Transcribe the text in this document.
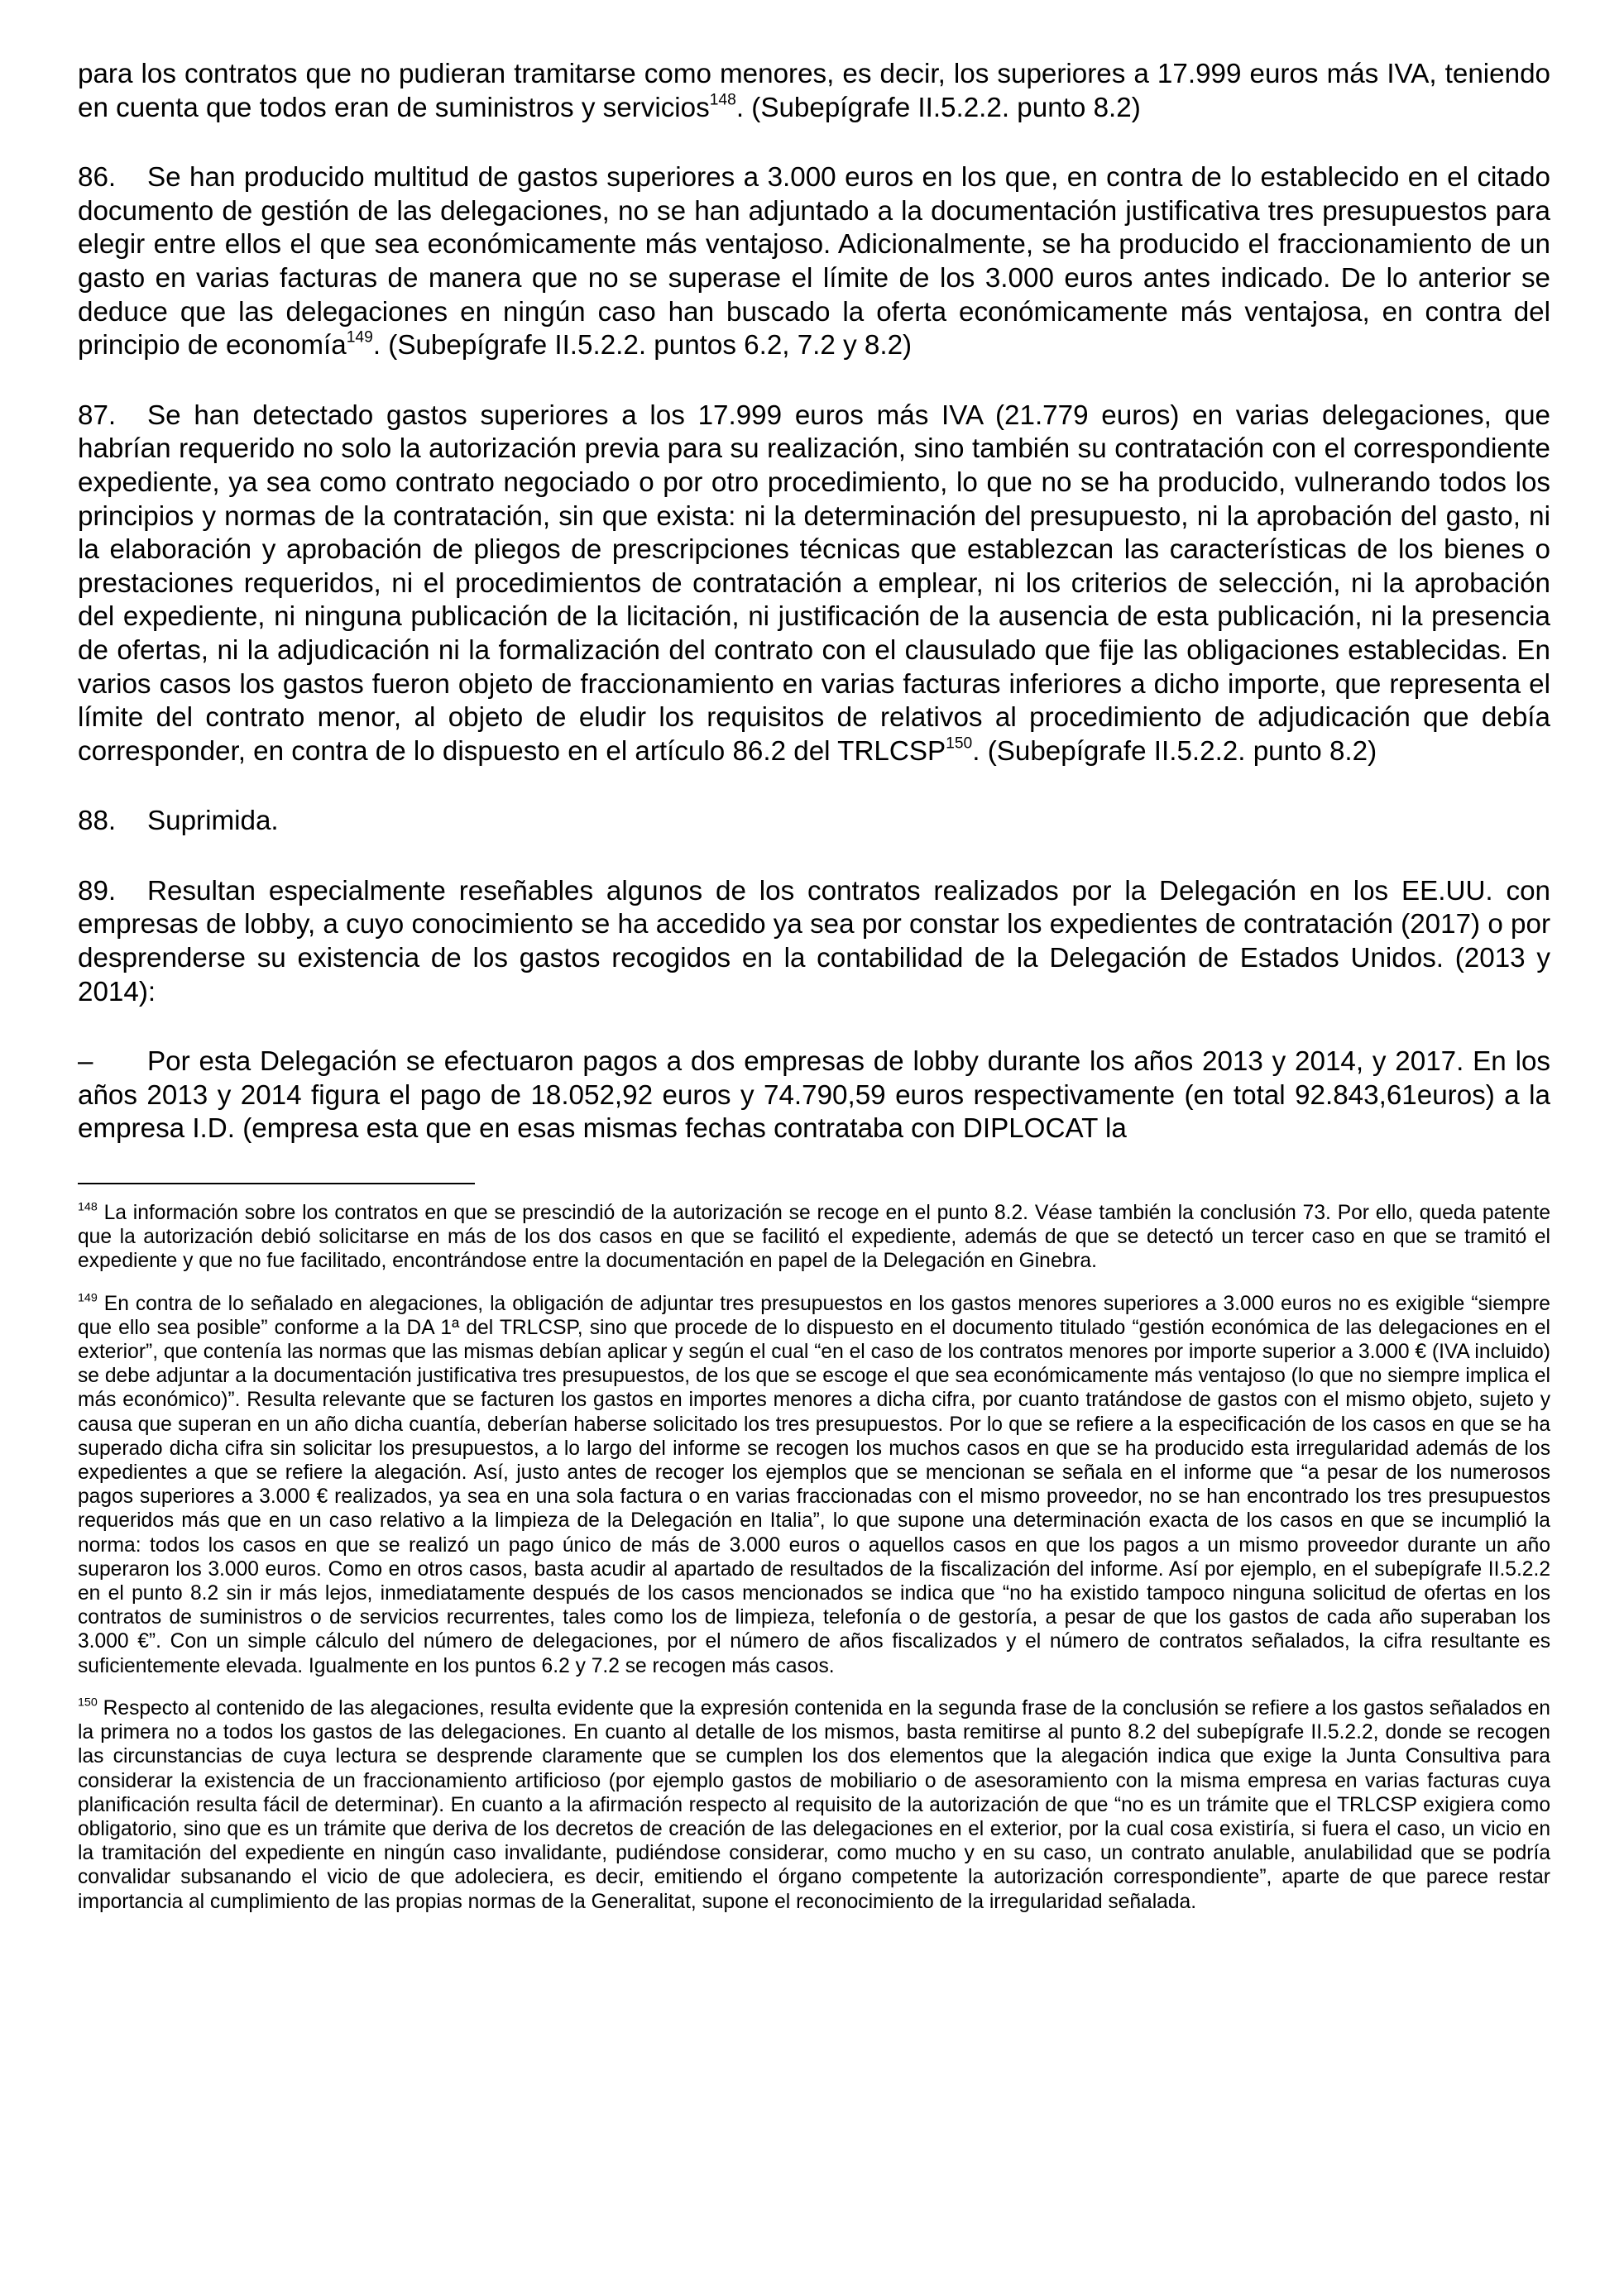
para los contratos que no pudieran tramitarse como menores, es decir, los superiores a 17.999 euros más IVA, teniendo en cuenta que todos eran de suministros y servicios$^{148}$. (Subepígrafe II.5.2.2. punto 8.2)

86. Se han producido multitud de gastos superiores a 3.000 euros en los que, en contra de lo establecido en el citado documento de gestión de las delegaciones, no se han adjuntado a la documentación justificativa tres presupuestos para elegir entre ellos el que sea económicamente más ventajoso. Adicionalmente, se ha producido el fraccionamiento de un gasto en varias facturas de manera que no se superase el límite de los 3.000 euros antes indicado. De lo anterior se deduce que las delegaciones en ningún caso han buscado la oferta económicamente más ventajosa, en contra del principio de economía$^{149}$. (Subepígrafe II.5.2.2. puntos 6.2, 7.2 y 8.2)

87. Se han detectado gastos superiores a los 17.999 euros más IVA (21.779 euros) en varias delegaciones, que habrían requerido no solo la autorización previa para su realización, sino también su contratación con el correspondiente expediente, ya sea como contrato negociado o por otro procedimiento, lo que no se ha producido, vulnerando todos los principios y normas de la contratación, sin que exista: ni la determinación del presupuesto, ni la aprobación del gasto, ni la elaboración y aprobación de pliegos de prescripciones técnicas que establezcan las características de los bienes o prestaciones requeridos, ni el procedimientos de contratación a emplear, ni los criterios de selección, ni la aprobación del expediente, ni ninguna publicación de la licitación, ni justificación de la ausencia de esta publicación, ni la presencia de ofertas, ni la adjudicación ni la formalización del contrato con el clausulado que fije las obligaciones establecidas. En varios casos los gastos fueron objeto de fraccionamiento en varias facturas inferiores a dicho importe, que representa el límite del contrato menor, al objeto de eludir los requisitos de relativos al procedimiento de adjudicación que debía corresponder, en contra de lo dispuesto en el artículo 86.2 del TRLCSP$^{150}$. (Subepígrafe II.5.2.2. punto 8.2)

88. Suprimida.

89. Resultan especialmente reseñables algunos de los contratos realizados por la Delegación en los EE.UU. con empresas de lobby, a cuyo conocimiento se ha accedido ya sea por constar los expedientes de contratación (2017) o por desprenderse su existencia de los gastos recogidos en la contabilidad de la Delegación de Estados Unidos. (2013 y 2014):

– Por esta Delegación se efectuaron pagos a dos empresas de lobby durante los años 2013 y 2014, y 2017. En los años 2013 y 2014 figura el pago de 18.052,92 euros y 74.790,59 euros respectivamente (en total 92.843,61euros) a la empresa I.D. (empresa esta que en esas mismas fechas contrataba con DIPLOCAT la

$^{148}$ La información sobre los contratos en que se prescindió de la autorización se recoge en el punto 8.2. Véase también la conclusión 73. Por ello, queda patente que la autorización debió solicitarse en más de los dos casos en que se facilitó el expediente, además de que se detectó un tercer caso en que se tramitó el expediente y que no fue facilitado, encontrándose entre la documentación en papel de la Delegación en Ginebra.

$^{149}$ En contra de lo señalado en alegaciones, la obligación de adjuntar tres presupuestos en los gastos menores superiores a 3.000 euros no es exigible “siempre que ello sea posible” conforme a la DA 1ª del TRLCSP, sino que procede de lo dispuesto en el documento titulado “gestión económica de las delegaciones en el exterior”, que contenía las normas que las mismas debían aplicar y según el cual “en el caso de los contratos menores por importe superior a 3.000 € (IVA incluido) se debe adjuntar a la documentación justificativa tres presupuestos, de los que se escoge el que sea económicamente más ventajoso (lo que no siempre implica el más económico)”. Resulta relevante que se facturen los gastos en importes menores a dicha cifra, por cuanto tratándose de gastos con el mismo objeto, sujeto y causa que superan en un año dicha cuantía, deberían haberse solicitado los tres presupuestos. Por lo que se refiere a la especificación de los casos en que se ha superado dicha cifra sin solicitar los presupuestos, a lo largo del informe se recogen los muchos casos en que se ha producido esta irregularidad además de los expedientes a que se refiere la alegación. Así, justo antes de recoger los ejemplos que se mencionan se señala en el informe que “a pesar de los numerosos pagos superiores a 3.000 € realizados, ya sea en una sola factura o en varias fraccionadas con el mismo proveedor, no se han encontrado los tres presupuestos requeridos más que en un caso relativo a la limpieza de la Delegación en Italia”, lo que supone una determinación exacta de los casos en que se incumplió la norma: todos los casos en que se realizó un pago único de más de 3.000 euros o aquellos casos en que los pagos a un mismo proveedor durante un año superaron los 3.000 euros. Como en otros casos, basta acudir al apartado de resultados de la fiscalización del informe. Así por ejemplo, en el subepígrafe II.5.2.2 en el punto 8.2 sin ir más lejos, inmediatamente después de los casos mencionados se indica que “no ha existido tampoco ninguna solicitud de ofertas en los contratos de suministros o de servicios recurrentes, tales como los de limpieza, telefonía o de gestoría, a pesar de que los gastos de cada año superaban los 3.000 €”. Con un simple cálculo del número de delegaciones, por el número de años fiscalizados y el número de contratos señalados, la cifra resultante es suficientemente elevada. Igualmente en los puntos 6.2 y 7.2 se recogen más casos.

$^{150}$ Respecto al contenido de las alegaciones, resulta evidente que la expresión contenida en la segunda frase de la conclusión se refiere a los gastos señalados en la primera no a todos los gastos de las delegaciones. En cuanto al detalle de los mismos, basta remitirse al punto 8.2 del subepígrafe II.5.2.2, donde se recogen las circunstancias de cuya lectura se desprende claramente que se cumplen los dos elementos que la alegación indica que exige la Junta Consultiva para considerar la existencia de un fraccionamiento artificioso (por ejemplo gastos de mobiliario o de asesoramiento con la misma empresa en varias facturas cuya planificación resulta fácil de determinar). En cuanto a la afirmación respecto al requisito de la autorización de que “no es un trámite que el TRLCSP exigiera como obligatorio, sino que es un trámite que deriva de los decretos de creación de las delegaciones en el exterior, por la cual cosa existiría, si fuera el caso, un vicio en la tramitación del expediente en ningún caso invalidante, pudiéndose considerar, como mucho y en su caso, un contrato anulable, anulabilidad que se podría convalidar subsanando el vicio de que adoleciera, es decir, emitiendo el órgano competente la autorización correspondiente”, aparte de que parece restar importancia al cumplimiento de las propias normas de la Generalitat, supone el reconocimiento de la irregularidad señalada.
